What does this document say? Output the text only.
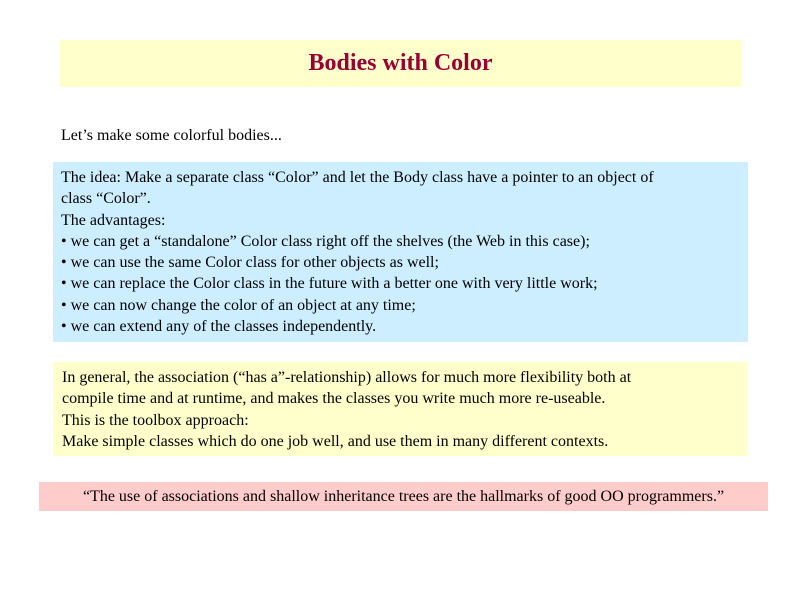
Bodies with Color
Let’s make some colorful bodies...
The idea: Make a separate class “Color” and let the Body class have a pointer to an object of
class “Color”.
The advantages:
• we can get a “standalone” Color class right off the shelves (the Web in this case);
• we can use the same Color class for other objects as well;
• we can replace the Color class in the future with a better one with very little work;
• we can now change the color of an object at any time;
• we can extend any of the classes independently.
In general, the association (“has a”-relationship) allows for much more flexibility both at
compile time and at runtime, and makes the classes you write much more re-useable.
This is the toolbox approach:
Make simple classes which do one job well, and use them in many different contexts.
“The use of associations and shallow inheritance trees are the hallmarks of good OO programmers.”
